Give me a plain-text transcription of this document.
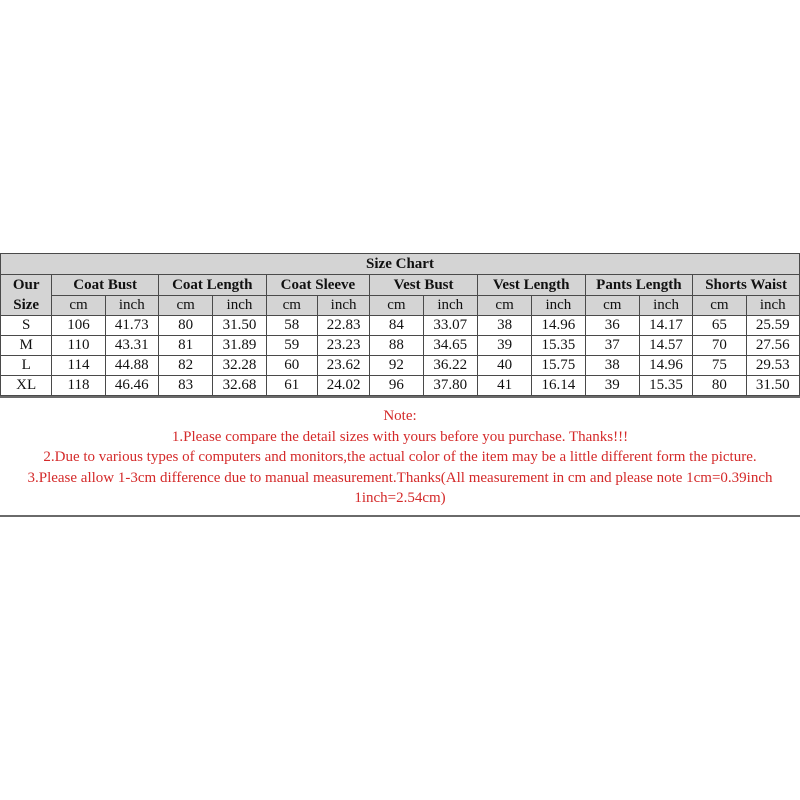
Size Chart														
Our
Size	Coat Bust		Coat Length		Coat Sleeve		Vest Bust		Vest Length		Pants Length		Shorts Waist	
	cm	inch	cm	inch	cm	inch	cm	inch	cm	inch	cm	inch	cm	inch
S	106	41.73	80	31.50	58	22.83	84	33.07	38	14.96	36	14.17	65	25.59
M	110	43.31	81	31.89	59	23.23	88	34.65	39	15.35	37	14.57	70	27.56
L	114	44.88	82	32.28	60	23.62	92	36.22	40	15.75	38	14.96	75	29.53
XL	118	46.46	83	32.68	61	24.02	96	37.80	41	16.14	39	15.35	80	31.50
Note:
1.Please compare the detail sizes with yours before you purchase. Thanks!!!
2.Due to various types of computers and monitors,the actual color of the item may be a little different form the picture.
3.Please allow 1-3cm difference due to manual measurement.Thanks(All measurement in cm and please note 1cm=0.39inch
1inch=2.54cm)
